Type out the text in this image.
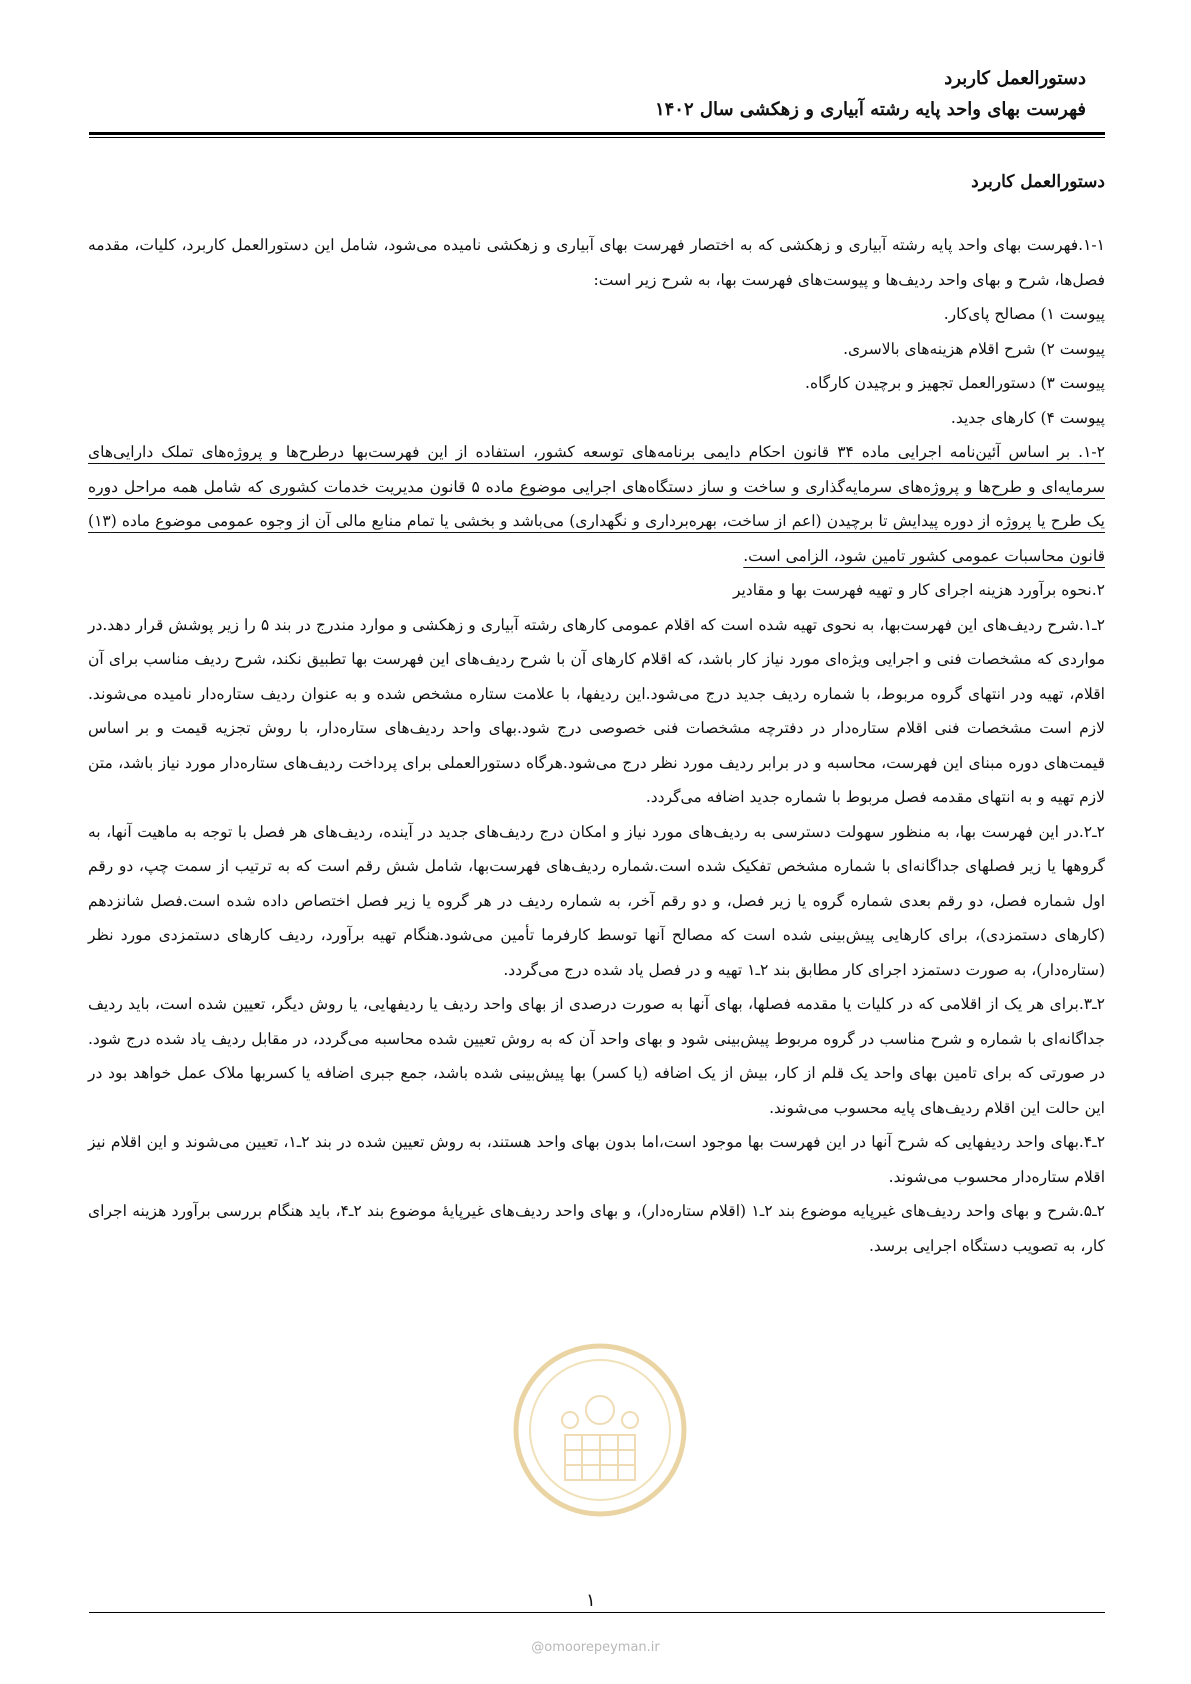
دستورالعمل کاربرد
فهرست بهای واحد پایه رشته آبیاری و زهکشی سال ۱۴۰۲
دستورالعمل کاربرد

۱-۱.فهرست بهای واحد پایه رشته آبیاری و زهکشی که به اختصار فهرست بهای آبیاری و زهکشی نامیده می‌شود، شامل این دستورالعمل کاربرد، کلیات، مقدمه فصل‌ها، شرح و بهای واحد ردیف‌ها و پیوست‌های فهرست بها، به شرح زیر است:

پیوست ۱) مصالح پای‌کار.

پیوست ۲) شرح اقلام هزینه‌های بالاسری.

پیوست ۳) دستورالعمل تجهیز و برچیدن کارگاه.

پیوست ۴) کارهای جدید.

۱-۲. بر اساس آئین‌نامه اجرایی ماده ۳۴ قانون احکام دایمی برنامه‌های توسعه کشور، استفاده از این فهرست‌بها درطرح‌ها و پروژه‌های تملک دارایی‌های سرمایه‌ای و طرح‌ها و پروژه‌های سرمایه‌گذاری و ساخت و ساز دستگاه‌های اجرایی موضوع ماده ۵ قانون مدیریت خدمات کشوری که شامل همه مراحل دوره یک طرح یا پروژه از دوره پیدایش تا برچیدن (اعم از ساخت، بهره‌برداری و نگهداری) می‌باشد و بخشی یا تمام منابع مالی آن از وجوه عمومی موضوع ماده (۱۳) قانون محاسبات عمومی کشور تامین شود، الزامی است.

۲.نحوه برآورد هزینه اجرای کار و تهیه فهرست بها و مقادیر

۲ـ۱.شرح ردیف‌های این فهرست‌بها، به نحوی تهیه شده است که اقلام عمومی کارهای رشته آبیاری و زهکشی و موارد مندرج در بند ۵ را زیر پوشش قرار دهد.در مواردی که مشخصات فنی و اجرایی ویژه‌ای مورد نیاز کار باشد، که اقلام کارهای آن با شرح ردیف‌های این فهرست بها تطبیق نکند، شرح ردیف مناسب برای آن اقلام، تهیه ودر انتهای گروه مربوط، با شماره ردیف جدید درج می‌شود.این ردیفها، با علامت ستاره مشخص شده و به عنوان ردیف ستاره‌دار نامیده می‌شوند. لازم است مشخصات فنی اقلام ستاره‌دار در دفترچه مشخصات فنی خصوصی درج شود.بهای واحد ردیف‌های ستاره‌دار، با روش تجزیه قیمت و بر اساس قیمت‌های دوره مبنای این فهرست، محاسبه و در برابر ردیف مورد نظر درج می‌شود.هرگاه دستورالعملی برای پرداخت ردیف‌های ستاره‌دار مورد نیاز باشد، متن لازم تهیه و به انتهای مقدمه فصل مربوط با شماره جدید اضافه می‌گردد.

۲ـ۲.در این فهرست بها، به منظور سهولت دسترسی به ردیف‌های مورد نیاز و امکان درج ردیف‌های جدید در آینده، ردیف‌های هر فصل با توجه به ماهیت آنها، به گروهها یا زیر فصلهای جداگانه‌ای با شماره مشخص تفکیک شده است.شماره ردیف‌های فهرست‌بها، شامل شش رقم است که به ترتیب از سمت چپ، دو رقم اول شماره فصل، دو رقم بعدی شماره گروه یا زیر فصل، و دو رقم آخر، به شماره ردیف در هر گروه یا زیر فصل اختصاص داده شده است.فصل شانزدهم (کارهای دستمزدی)، برای کارهایی پیش‌بینی شده است که مصالح آنها توسط کارفرما تأمین می‌شود.هنگام تهیه برآورد، ردیف کارهای دستمزدی مورد نظر (ستاره‌دار)، به صورت دستمزد اجرای کار مطابق بند ۲ـ۱ تهیه و در فصل یاد شده درج می‌گردد.

۲ـ۳.برای هر یک از اقلامی که در کلیات یا مقدمه فصلها، بهای آنها به صورت درصدی از بهای واحد ردیف یا ردیفهایی، یا روش دیگر، تعیین شده است، باید ردیف جداگانه‌ای با شماره و شرح مناسب در گروه مربوط پیش‌بینی شود و بهای واحد آن که به روش تعیین شده محاسبه می‌گردد، در مقابل ردیف یاد شده درج شود. در صورتی که برای تامین بهای واحد یک قلم از کار، بیش از یک اضافه (یا کسر) بها پیش‌بینی شده باشد، جمع جبری اضافه یا کسربها ملاک عمل خواهد بود در این حالت این اقلام ردیف‌های پایه محسوب می‌شوند.

۲ـ۴.بهای واحد ردیفهایی که شرح آنها در این فهرست بها موجود است،اما بدون بهای واحد هستند، به روش تعیین شده در بند ۲ـ۱، تعیین می‌شوند و این اقلام نیز اقلام ستاره‌دار محسوب می‌شوند.

۲ـ۵.شرح و بهای واحد ردیف‌های غیرپایه موضوع بند ۲ـ۱ (اقلام ستاره‌دار)، و بهای واحد ردیف‌های غیرپایهٔ موضوع بند ۲ـ۴، باید هنگام بررسی برآورد هزینه اجرای کار، به تصویب دستگاه اجرایی برسد.

۱
@omoorepeyman.ir
